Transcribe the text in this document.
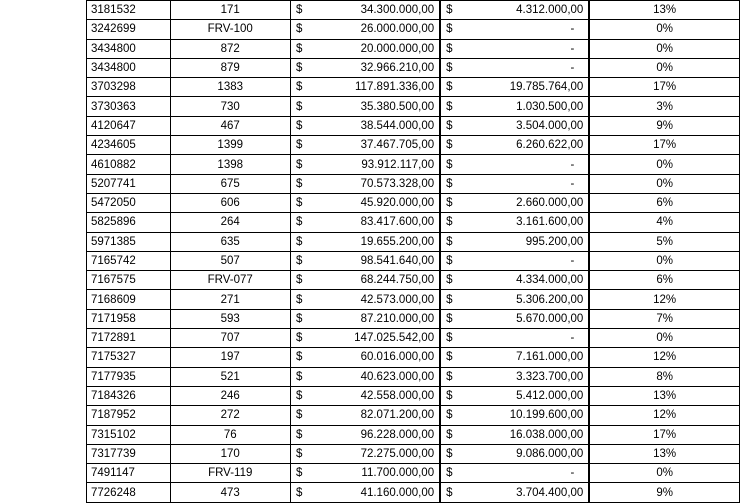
3181532	171	$ 34.300.000,00	$ 4.312.000,00	13%
3242699	FRV-100	$ 26.000.000,00	$ -	0%
3434800	872	$ 20.000.000,00	$ -	0%
3434800	879	$ 32.966.210,00	$ -	0%
3703298	1383	$ 117.891.336,00	$ 19.785.764,00	17%
3730363	730	$ 35.380.500,00	$ 1.030.500,00	3%
4120647	467	$ 38.544.000,00	$ 3.504.000,00	9%
4234605	1399	$ 37.467.705,00	$ 6.260.622,00	17%
4610882	1398	$ 93.912.117,00	$ -	0%
5207741	675	$ 70.573.328,00	$ -	0%
5472050	606	$ 45.920.000,00	$ 2.660.000,00	6%
5825896	264	$ 83.417.600,00	$ 3.161.600,00	4%
5971385	635	$ 19.655.200,00	$ 995.200,00	5%
7165742	507	$ 98.541.640,00	$ -	0%
7167575	FRV-077	$ 68.244.750,00	$ 4.334.000,00	6%
7168609	271	$ 42.573.000,00	$ 5.306.200,00	12%
7171958	593	$ 87.210.000,00	$ 5.670.000,00	7%
7172891	707	$ 147.025.542,00	$ -	0%
7175327	197	$ 60.016.000,00	$ 7.161.000,00	12%
7177935	521	$ 40.623.000,00	$ 3.323.700,00	8%
7184326	246	$ 42.558.000,00	$ 5.412.000,00	13%
7187952	272	$ 82.071.200,00	$ 10.199.600,00	12%
7315102	76	$ 96.228.000,00	$ 16.038.000,00	17%
7317739	170	$ 72.275.000,00	$ 9.086.000,00	13%
7491147	FRV-119	$ 11.700.000,00	$ -	0%
7726248	473	$ 41.160.000,00	$ 3.704.400,00	9%
